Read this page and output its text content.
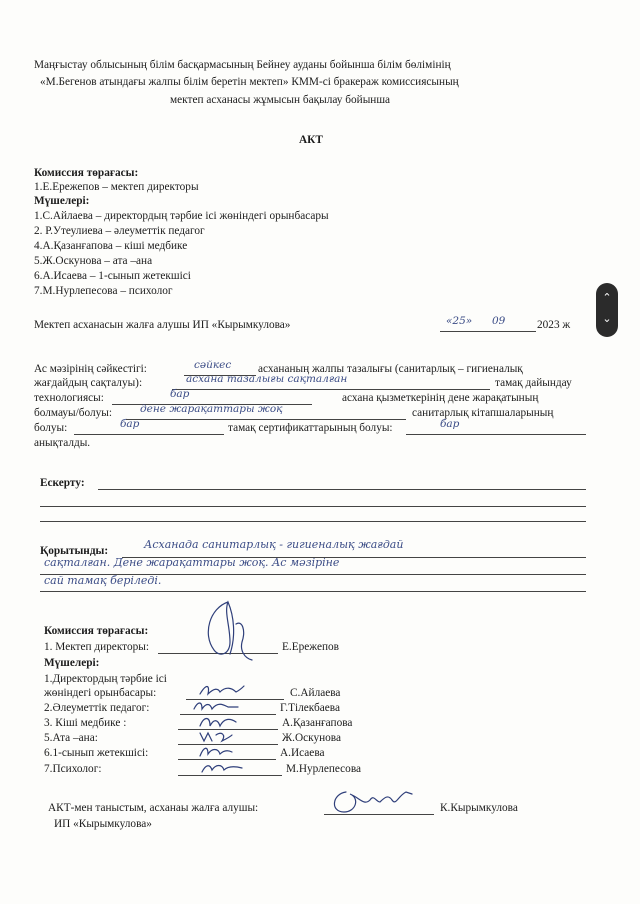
Маңғыстау облысының білім басқармасының Бейнеу ауданы бойынша білім бөлімінің
«М.Бегенов атындағы жалпы білім беретін мектеп» КММ-сі бракераж комиссиясының
мектеп асханасы жұмысын бақылау бойынша
АКТ
Комиссия төрағасы:
1.Е.Ережепов – мектеп директоры
Мүшелері:
1.С.Айлаева – директордың тәрбие ісі жөніндегі орынбасары
2. Р.Утеулиева – әлеуметтік педагог
4.А.Қазанғапова – кіші медбике
5.Ж.Оскунова – ата –ана
6.А.Исаева – 1-сынып жетекшісі
7.М.Нурлепесова – психолог
Мектеп асханасын жалға алушы ИП «Кырымкулова»	«25» 09	2023 ж
Ас мәзірінің сәйкестігі:	сәйкес асхананың жалпы тазалығы (санитарлық – гигиеналық
жағдайдың сақталуы):	асхана тазалығы сақталған	тамақ дайындау
технологиясы:	бар	асхана қызметкерінің дене жарақатының
болмауы/болуы:	дене жарақаттары жоқ	санитарлық кітапшаларының
болуы:	бар	тамақ сертификаттарының болуы:	бар
анықталды.
Ескерту:
Қорытынды:	Асханада санитарлық - гигиеналық жағдай
сақталған. Дене жарақаттары жоқ. Ас мәзіріне
сай тамақ беріледі.
Комиссия төрағасы:
1. Мектеп директоры:	Е.Ережепов
Мүшелері:
1.Директордың тәрбие ісі
жөніндегі орынбасары:	С.Айлаева
2.Әлеуметтік педагог:	Г.Тілекбаева
3. Кіші медбике :	А.Қазанғапова
5.Ата –ана:	Ж.Оскунова
6.1-сынып жетекшісі:	А.Исаева
7.Психолог:	М.Нурлепесова
АКТ-мен таныстым, асханаы жалға алушы:	К.Кырымкулова
ИП «Кырымкулова»
⌃
⌄
